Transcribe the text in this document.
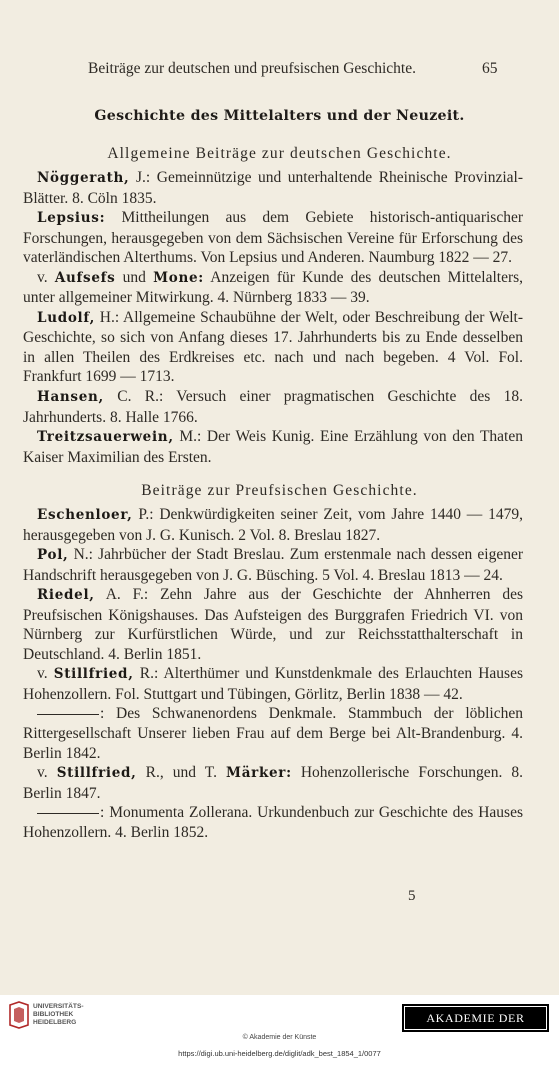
Beiträge zur deutschen und preufsischen Geschichte.	65
Geschichte des Mittelalters und der Neuzeit.
Allgemeine Beiträge zur deutschen Geschichte.

Nöggerath, J.: Gemeinnützige und unterhaltende Rheinische Provinzial-Blätter. 8. Cöln 1835.

Lepsius: Mittheilungen aus dem Gebiete historisch-antiquarischer Forschungen, herausgegeben von dem Sächsischen Vereine für Erforschung des vaterländischen Alterthums. Von Lepsius und Anderen. Naumburg 1822 — 27.

v. Aufsefs und Mone: Anzeigen für Kunde des deutschen Mittelalters, unter allgemeiner Mitwirkung. 4. Nürnberg 1833 — 39.

Ludolf, H.: Allgemeine Schaubühne der Welt, oder Beschreibung der Welt-Geschichte, so sich von Anfang dieses 17. Jahrhunderts bis zu Ende desselben in allen Theilen des Erdkreises etc. nach und nach begeben. 4 Vol. Fol. Frankfurt 1699 — 1713.

Hansen, C. R.: Versuch einer pragmatischen Geschichte des 18. Jahrhunderts. 8. Halle 1766.

Treitzsauerwein, M.: Der Weis Kunig. Eine Erzählung von den Thaten Kaiser Maximilian des Ersten.

Beiträge zur Preufsischen Geschichte.

Eschenloer, P.: Denkwürdigkeiten seiner Zeit, vom Jahre 1440 — 1479, herausgegeben von J. G. Kunisch. 2 Vol. 8. Breslau 1827.

Pol, N.: Jahrbücher der Stadt Breslau. Zum erstenmale nach dessen eigener Handschrift herausgegeben von J. G. Büsching. 5 Vol. 4. Breslau 1813 — 24.

Riedel, A. F.: Zehn Jahre aus der Geschichte der Ahnherren des Preufsischen Königshauses. Das Aufsteigen des Burggrafen Friedrich VI. von Nürnberg zur Kurfürstlichen Würde, und zur Reichsstatthalterschaft in Deutschland. 4. Berlin 1851.

v. Stillfried, R.: Alterthümer und Kunstdenkmale des Erlauchten Hauses Hohenzollern. Fol. Stuttgart und Tübingen, Görlitz, Berlin 1838 — 42.

: Des Schwanenordens Denkmale. Stammbuch der löblichen Rittergesellschaft Unserer lieben Frau auf dem Berge bei Alt-Brandenburg. 4. Berlin 1842.

v. Stillfried, R., und T. Märker: Hohenzollerische Forschungen. 8. Berlin 1847.

: Monumenta Zollerana. Urkundenbuch zur Geschichte des Hauses Hohenzollern. 4. Berlin 1852.

5
UNIVERSITÄTS-
BIBLIOTHEK
HEIDELBERG	AKADEMIE DER KÜNSTE
© Akademie der Künste
https://digi.ub.uni-heidelberg.de/diglit/adk_best_1854_1/0077
